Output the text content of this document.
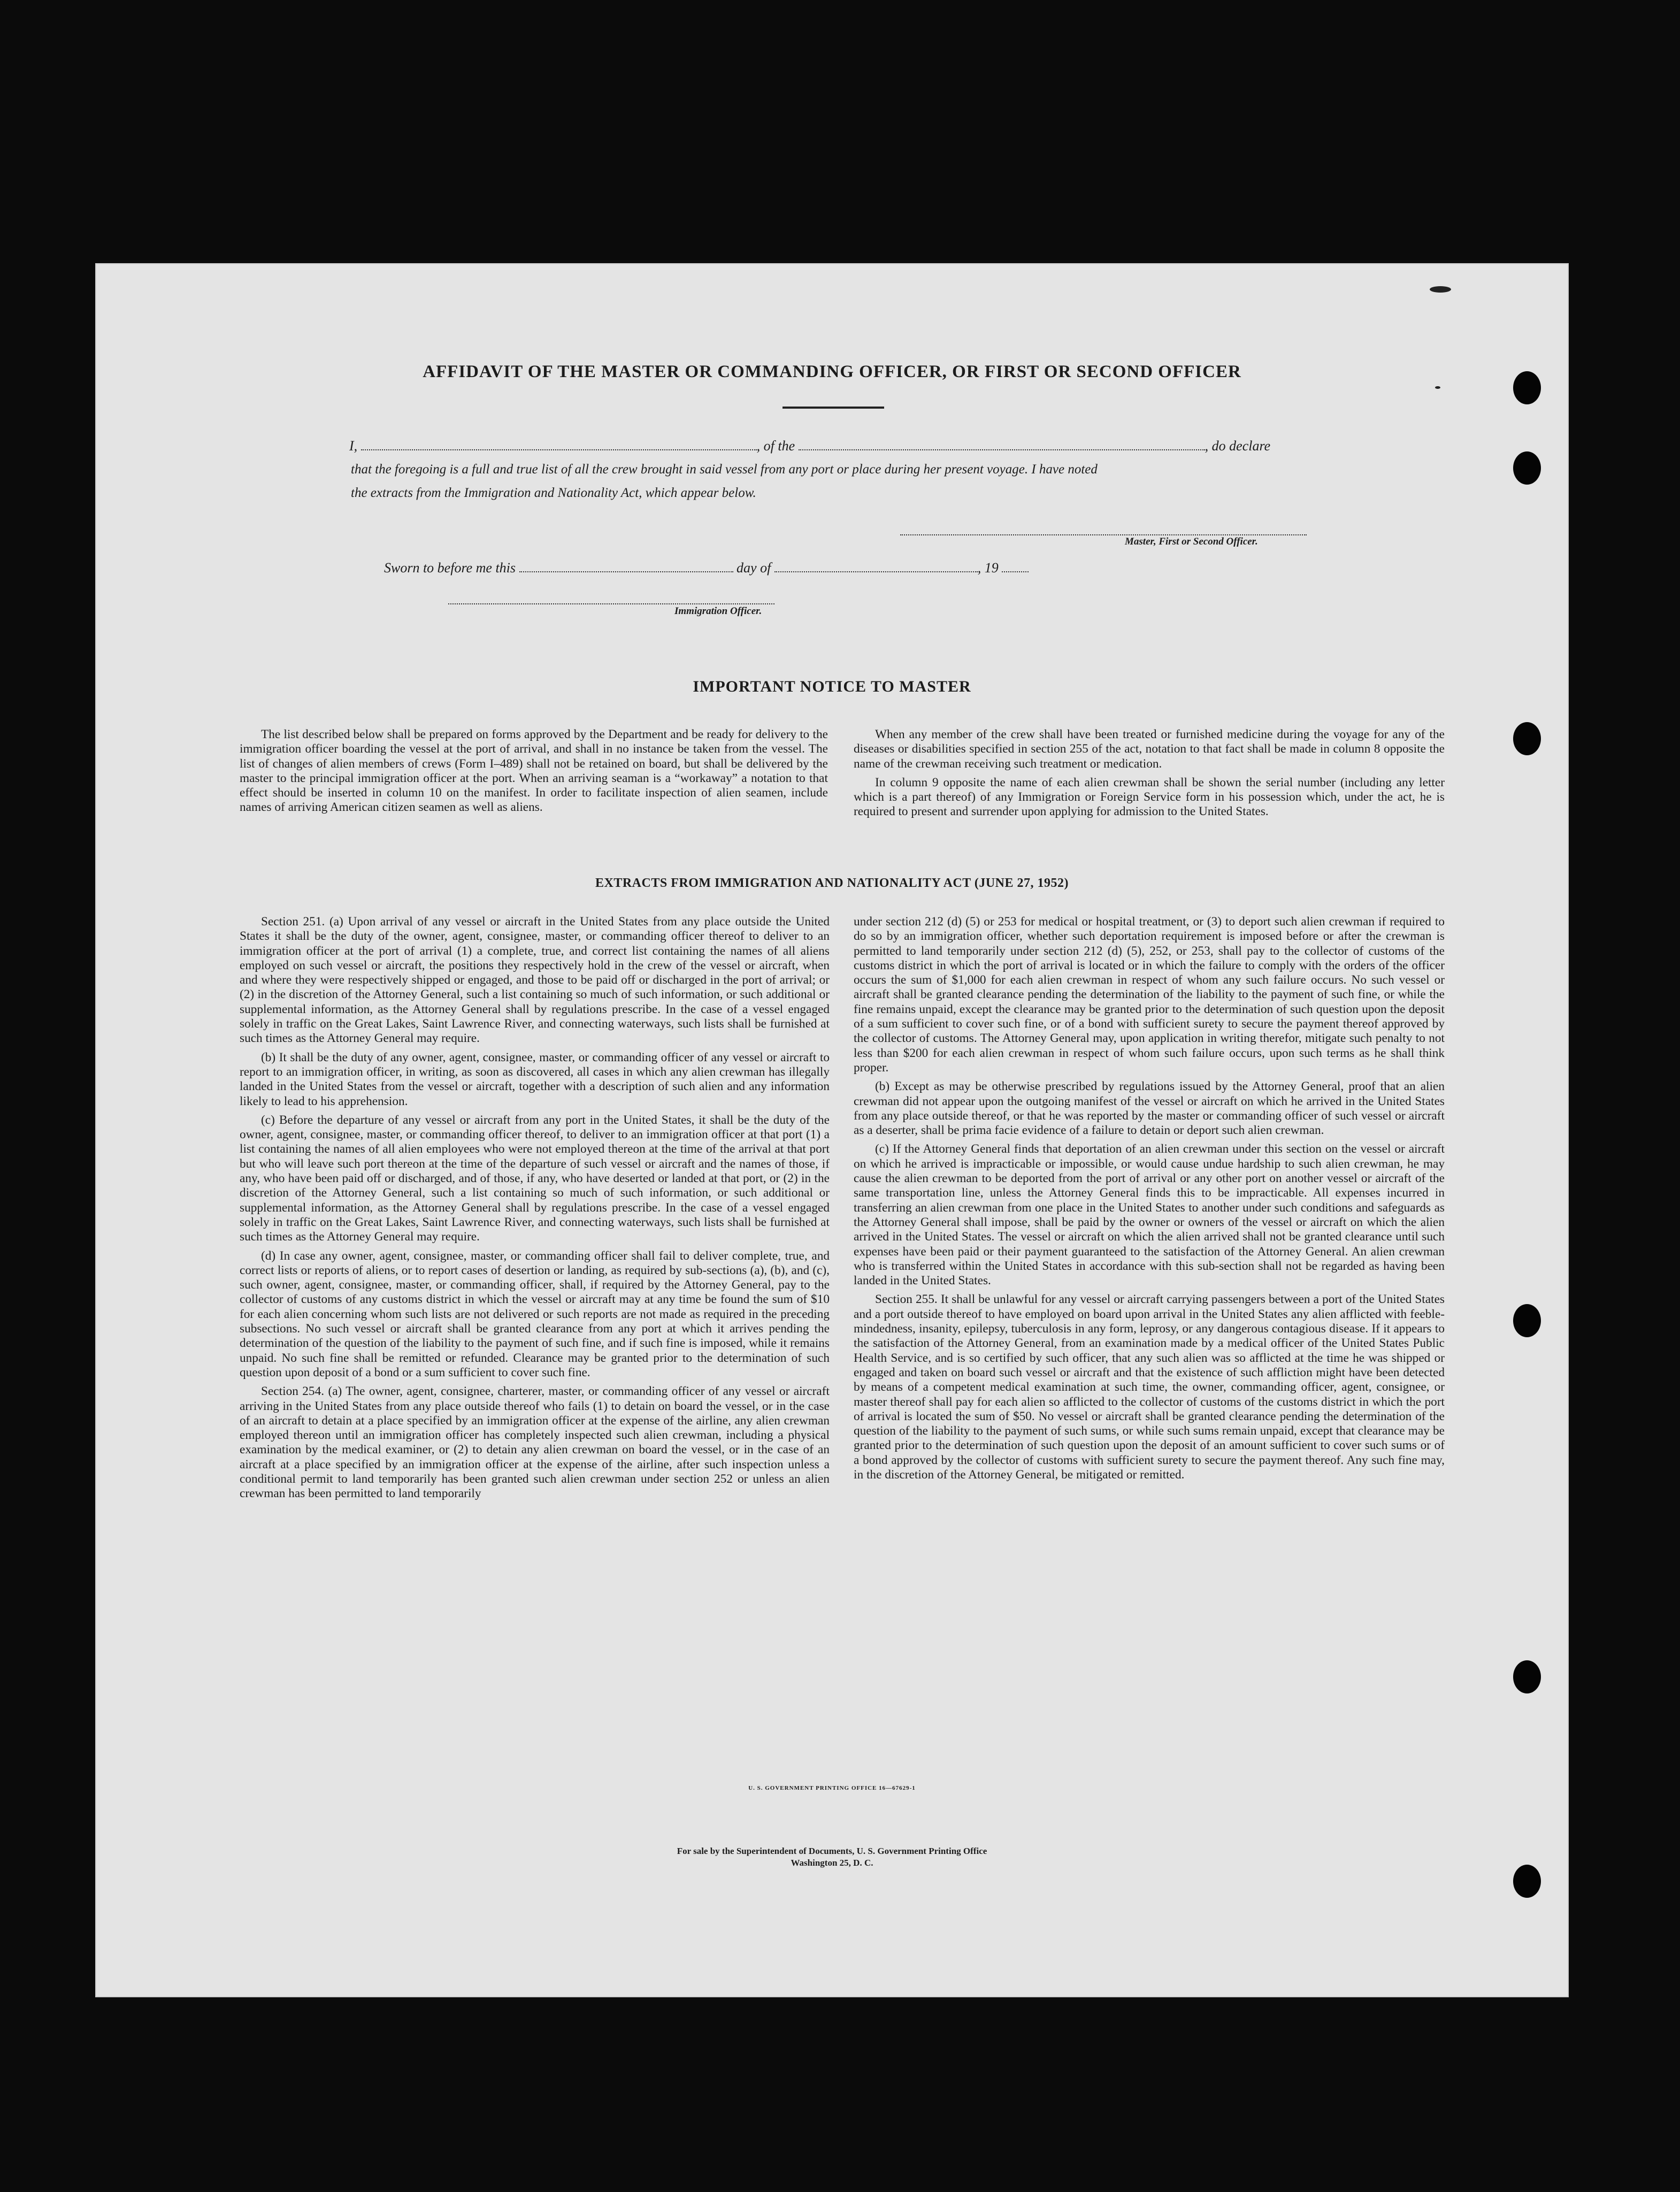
AFFIDAVIT OF THE MASTER OR COMMANDING OFFICER, OR FIRST OR SECOND OFFICER
I,	, of the	, do declare
that the foregoing is a full and true list of all the crew brought in said vessel from any port or place during her present voyage. I have noted
the extracts from the Immigration and Nationality Act, which appear below.
Master, First or Second Officer.
Sworn to before me this	day of	, 19
Immigration Officer.
IMPORTANT NOTICE TO MASTER

The list described below shall be prepared on forms approved by the Department and be ready for delivery to the immigration officer boarding the vessel at the port of arrival, and shall in no instance be taken from the vessel. The list of changes of alien members of crews (Form I–489) shall not be retained on board, but shall be delivered by the master to the principal immigration officer at the port. When an arriving seaman is a “workaway” a notation to that effect should be inserted in column 10 on the manifest. In order to facilitate inspection of alien seamen, include names of arriving American citizen seamen as well as aliens.

When any member of the crew shall have been treated or furnished medicine during the voyage for any of the diseases or disabilities specified in section 255 of the act, notation to that fact shall be made in column 8 opposite the name of the crewman receiving such treatment or medication.

In column 9 opposite the name of each alien crewman shall be shown the serial number (including any letter which is a part thereof) of any Immigration or Foreign Service form in his possession which, under the act, he is required to present and surrender upon applying for admission to the United States.

EXTRACTS FROM IMMIGRATION AND NATIONALITY ACT (JUNE 27, 1952)

Section 251. (a) Upon arrival of any vessel or aircraft in the United States from any place outside the United States it shall be the duty of the owner, agent, consignee, master, or commanding officer thereof to deliver to an immigration officer at the port of arrival (1) a complete, true, and correct list containing the names of all aliens employed on such vessel or aircraft, the positions they respectively hold in the crew of the vessel or aircraft, when and where they were respectively shipped or engaged, and those to be paid off or discharged in the port of arrival; or (2) in the discretion of the Attorney General, such a list containing so much of such information, or such additional or supplemental information, as the Attorney General shall by regulations prescribe. In the case of a vessel engaged solely in traffic on the Great Lakes, Saint Lawrence River, and connecting waterways, such lists shall be furnished at such times as the Attorney General may require.

(b) It shall be the duty of any owner, agent, consignee, master, or commanding officer of any vessel or aircraft to report to an immigration officer, in writing, as soon as discovered, all cases in which any alien crewman has illegally landed in the United States from the vessel or aircraft, together with a description of such alien and any information likely to lead to his apprehension.

(c) Before the departure of any vessel or aircraft from any port in the United States, it shall be the duty of the owner, agent, consignee, master, or commanding officer thereof, to deliver to an immigration officer at that port (1) a list containing the names of all alien employees who were not employed thereon at the time of the arrival at that port but who will leave such port thereon at the time of the departure of such vessel or aircraft and the names of those, if any, who have been paid off or discharged, and of those, if any, who have deserted or landed at that port, or (2) in the discretion of the Attorney General, such a list containing so much of such information, or such additional or supplemental information, as the Attorney General shall by regulations prescribe. In the case of a vessel engaged solely in traffic on the Great Lakes, Saint Lawrence River, and connecting waterways, such lists shall be furnished at such times as the Attorney General may require.

(d) In case any owner, agent, consignee, master, or commanding officer shall fail to deliver complete, true, and correct lists or reports of aliens, or to report cases of desertion or landing, as required by sub-sections (a), (b), and (c), such owner, agent, consignee, master, or commanding officer, shall, if required by the Attorney General, pay to the collector of customs of any customs district in which the vessel or aircraft may at any time be found the sum of $10 for each alien concerning whom such lists are not delivered or such reports are not made as required in the preceding subsections. No such vessel or aircraft shall be granted clearance from any port at which it arrives pending the determination of the question of the liability to the payment of such fine, and if such fine is imposed, while it remains unpaid. No such fine shall be remitted or refunded. Clearance may be granted prior to the determination of such question upon deposit of a bond or a sum sufficient to cover such fine.

Section 254. (a) The owner, agent, consignee, charterer, master, or commanding officer of any vessel or aircraft arriving in the United States from any place outside thereof who fails (1) to detain on board the vessel, or in the case of an aircraft to detain at a place specified by an immigration officer at the expense of the airline, any alien crewman employed thereon until an immigration officer has completely inspected such alien crewman, including a physical examination by the medical examiner, or (2) to detain any alien crewman on board the vessel, or in the case of an aircraft at a place specified by an immigration officer at the expense of the airline, after such inspection unless a conditional permit to land temporarily has been granted such alien crewman under section 252 or unless an alien crewman has been permitted to land temporarily

under section 212 (d) (5) or 253 for medical or hospital treatment, or (3) to deport such alien crewman if required to do so by an immigration officer, whether such deportation requirement is imposed before or after the crewman is permitted to land temporarily under section 212 (d) (5), 252, or 253, shall pay to the collector of customs of the customs district in which the port of arrival is located or in which the failure to comply with the orders of the officer occurs the sum of $1,000 for each alien crewman in respect of whom any such failure occurs. No such vessel or aircraft shall be granted clearance pending the determination of the liability to the payment of such fine, or while the fine remains unpaid, except the clearance may be granted prior to the determination of such question upon the deposit of a sum sufficient to cover such fine, or of a bond with sufficient surety to secure the payment thereof approved by the collector of customs. The Attorney General may, upon application in writing therefor, mitigate such penalty to not less than $200 for each alien crewman in respect of whom such failure occurs, upon such terms as he shall think proper.

(b) Except as may be otherwise prescribed by regulations issued by the Attorney General, proof that an alien crewman did not appear upon the outgoing manifest of the vessel or aircraft on which he arrived in the United States from any place outside thereof, or that he was reported by the master or commanding officer of such vessel or aircraft as a deserter, shall be prima facie evidence of a failure to detain or deport such alien crewman.

(c) If the Attorney General finds that deportation of an alien crewman under this section on the vessel or aircraft on which he arrived is impracticable or impossible, or would cause undue hardship to such alien crewman, he may cause the alien crewman to be deported from the port of arrival or any other port on another vessel or aircraft of the same transportation line, unless the Attorney General finds this to be impracticable. All expenses incurred in transferring an alien crewman from one place in the United States to another under such conditions and safeguards as the Attorney General shall impose, shall be paid by the owner or owners of the vessel or aircraft on which the alien arrived in the United States. The vessel or aircraft on which the alien arrived shall not be granted clearance until such expenses have been paid or their payment guaranteed to the satisfaction of the Attorney General. An alien crewman who is transferred within the United States in accordance with this sub-section shall not be regarded as having been landed in the United States.

Section 255. It shall be unlawful for any vessel or aircraft carrying passengers between a port of the United States and a port outside thereof to have employed on board upon arrival in the United States any alien afflicted with feeble-mindedness, insanity, epilepsy, tuberculosis in any form, leprosy, or any dangerous contagious disease. If it appears to the satisfaction of the Attorney General, from an examination made by a medical officer of the United States Public Health Service, and is so certified by such officer, that any such alien was so afflicted at the time he was shipped or engaged and taken on board such vessel or aircraft and that the existence of such affliction might have been detected by means of a competent medical examination at such time, the owner, commanding officer, agent, consignee, or master thereof shall pay for each alien so afflicted to the collector of customs of the customs district in which the port of arrival is located the sum of $50. No vessel or aircraft shall be granted clearance pending the determination of the question of the liability to the payment of such sums, or while such sums remain unpaid, except that clearance may be granted prior to the determination of such question upon the deposit of an amount sufficient to cover such sums or of a bond approved by the collector of customs with sufficient surety to secure the payment thereof. Any such fine may, in the discretion of the Attorney General, be mitigated or remitted.

U. S. GOVERNMENT PRINTING OFFICE 16—67629-1
For sale by the Superintendent of Documents, U. S. Government Printing Office
Washington 25, D. C.
